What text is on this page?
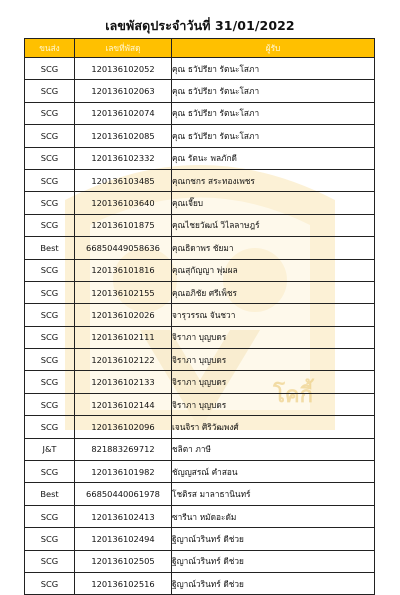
โคกี้
เลขพัสดุประจำวันที่ 31/01/2022
ขนส่ง	เลขที่พัสดุ	ผู้รับ
SCG	120136102052	คุณ ธวัปรียา รัตนะโสภา
SCG	120136102063	คุณ ธวัปรียา รัตนะโสภา
SCG	120136102074	คุณ ธวัปรียา รัตนะโสภา
SCG	120136102085	คุณ ธวัปรียา รัตนะโสภา
SCG	120136102332	คุณ รัตนะ พลภักดี
SCG	120136103485	คุณกชกร สระทองเพชร
SCG	120136103640	คุณเจี๊ยบ
SCG	120136101875	คุณไชยวัฒน์ วิไลลาษฎร์
Best	66850449058636	คุณธิดาพร ชัยมา
SCG	120136101816	คุณสุกัญญา พุ่มผล
SCG	120136102155	คุณอภิชัย ศรีเพ็ชร
SCG	120136102026	จารุวรรณ จันชวา
SCG	120136102111	จิราภา บุญบดร
SCG	120136102122	จิราภา บุญบดร
SCG	120136102133	จิราภา บุญบดร
SCG	120136102144	จิราภา บุญบดร
SCG	120136102096	เจนจิรา ศิริวัฒพงศ์
J&T	821883269712	ชลิตา ภาษี
SCG	120136101982	ชัญญสรณ์ คำสอน
Best	66850440061978	โชติรส มาลาธานินทร์
SCG	120136102413	ซารีนา หมัดอะดัม
SCG	120136102494	ฐิญาณ์วรินทร์ ดีช่วย
SCG	120136102505	ฐิญาณ์วรินทร์ ดีช่วย
SCG	120136102516	ฐิญาณ์วรินทร์ ดีช่วย
